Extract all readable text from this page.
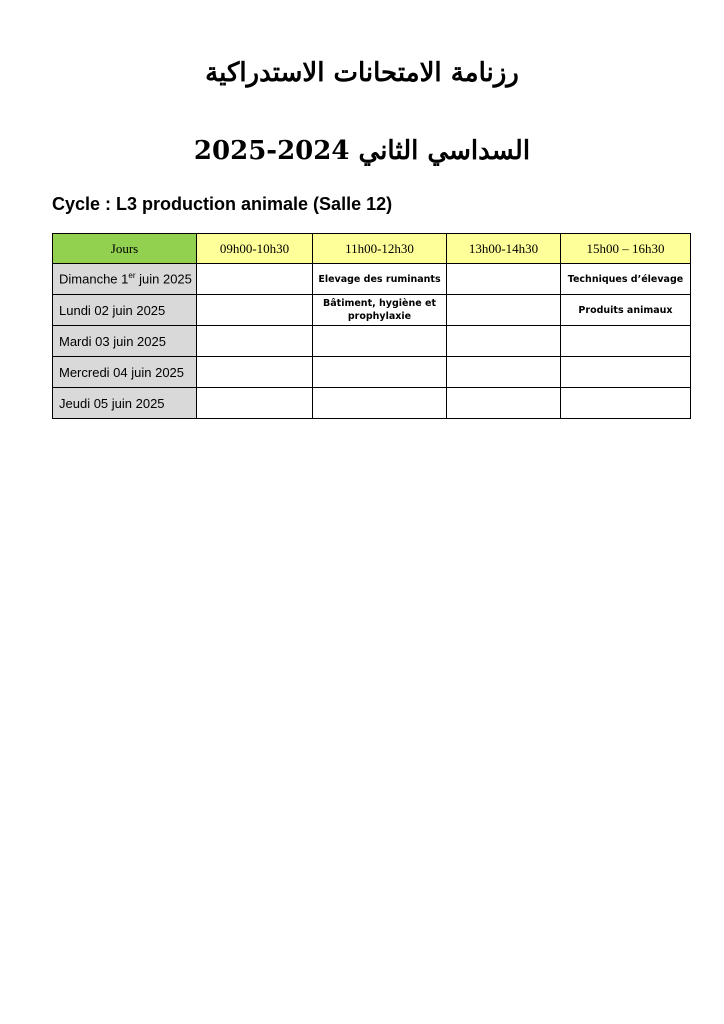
رزنامة الامتحانات الاستدراكية
السداسي الثاني 2024-2025
Cycle : L3 production animale (Salle 12)
Jours	09h00-10h30	11h00-12h30	13h00-14h30	15h00 – 16h30
Dimanche 1er juin 2025		Elevage des ruminants		Techniques d’élevage
Lundi 02 juin 2025		Bâtiment, hygiène et prophylaxie		Produits animaux
Mardi 03 juin 2025				
Mercredi 04 juin 2025				
Jeudi 05 juin 2025				
